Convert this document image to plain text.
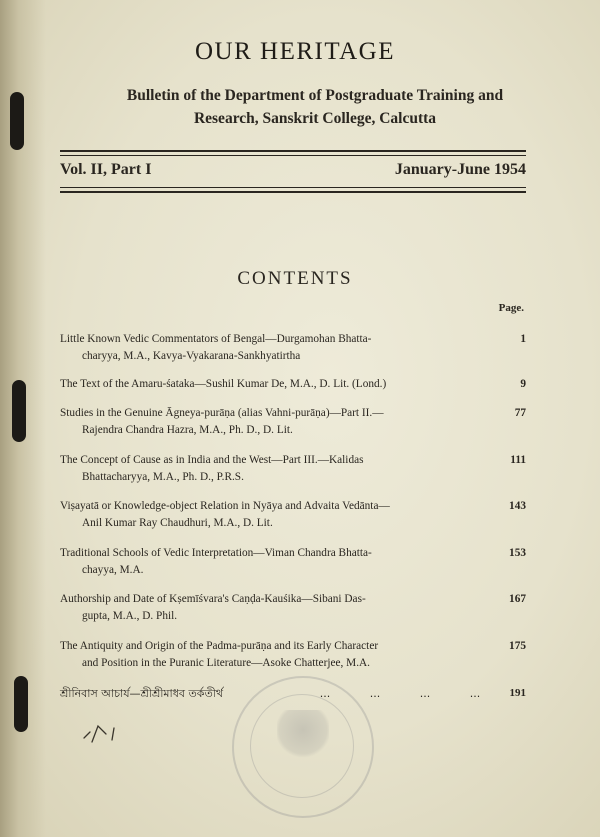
OUR HERITAGE
Bulletin of the Department of Postgraduate Training and
Research, Sanskrit College, Calcutta
Vol. II, Part I	January-June 1954
CONTENTS
Page.
Little Known Vedic Commentators of Bengal—Durgamohan Bhatta-
charyya, M.A., Kavya-Vyakarana-Sankhyatirtha
1
The Text of the Amaru-śataka—Sushil Kumar De, M.A., D. Lit. (Lond.)	9
Studies in the Genuine Āgneya-purāṇa (alias Vahni-purāṇa)—Part II.—
Rajendra Chandra Hazra, M.A., Ph. D., D. Lit.
77
The Concept of Cause as in India and the West—Part III.—Kalidas
Bhattacharyya, M.A., Ph. D., P.R.S.
111
Viṣayatā or Knowledge-object Relation in Nyāya and Advaita Vedānta—
Anil Kumar Ray Chaudhuri, M.A., D. Lit.
143
Traditional Schools of Vedic Interpretation—Viman Chandra Bhatta-
chayya, M.A.
153
Authorship and Date of Kṣemīśvara's Caṇḍa-Kauśika—Sibani Das-
gupta, M.A., D. Phil.
167
The Antiquity and Origin of the Padma-purāṇa and its Early Character
and Position in the Puranic Literature—Asoke Chatterjee, M.A.
175
শ্রীনিবাস আচার্য—শ্রীশ্রীমাধব তর্কতীর্থ	...	...	...	...	191
